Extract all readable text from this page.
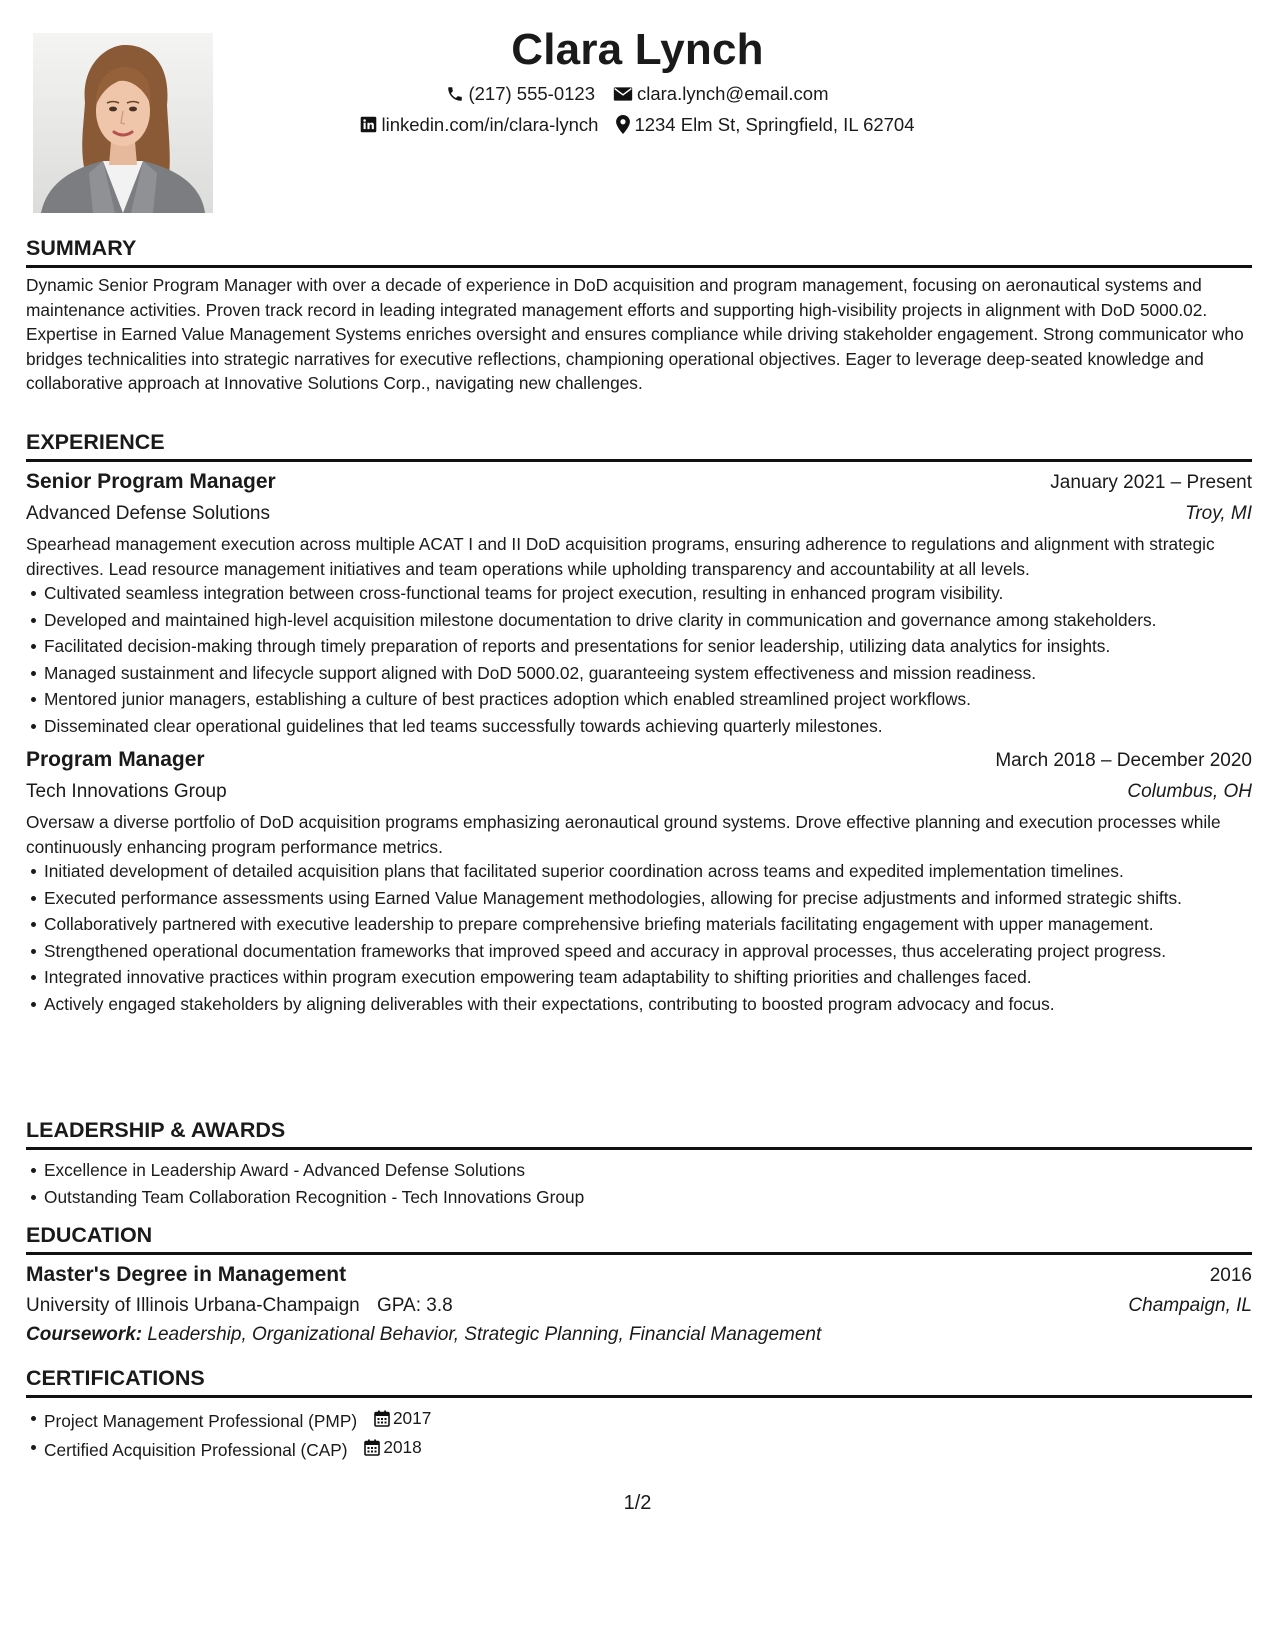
Clara Lynch
(217) 555-0123 clara.lynch@email.com
linkedin.com/in/clara-lynch 1234 Elm St, Springfield, IL 62704
SUMMARY

Dynamic Senior Program Manager with over a decade of experience in DoD acquisition and program management, focusing on aeronautical systems and maintenance activities. Proven track record in leading integrated management efforts and supporting high-visibility projects in alignment with DoD 5000.02. Expertise in Earned Value Management Systems enriches oversight and ensures compliance while driving stakeholder engagement. Strong communicator who bridges technicalities into strategic narratives for executive reflections, championing operational objectives. Eager to leverage deep-seated knowledge and collaborative approach at Innovative Solutions Corp., navigating new challenges.

EXPERIENCE
Senior Program Manager	January 2021 – Present
Advanced Defense Solutions	Troy, MI

Spearhead management execution across multiple ACAT I and II DoD acquisition programs, ensuring adherence to regulations and alignment with strategic directives. Lead resource management initiatives and team operations while upholding transparency and accountability at all levels.

Cultivated seamless integration between cross-functional teams for project execution, resulting in enhanced program visibility.
Developed and maintained high-level acquisition milestone documentation to drive clarity in communication and governance among stakeholders.
Facilitated decision-making through timely preparation of reports and presentations for senior leadership, utilizing data analytics for insights.
Managed sustainment and lifecycle support aligned with DoD 5000.02, guaranteeing system effectiveness and mission readiness.
Mentored junior managers, establishing a culture of best practices adoption which enabled streamlined project workflows.
Disseminated clear operational guidelines that led teams successfully towards achieving quarterly milestones.
Program Manager	March 2018 – December 2020
Tech Innovations Group	Columbus, OH

Oversaw a diverse portfolio of DoD acquisition programs emphasizing aeronautical ground systems. Drove effective planning and execution processes while continuously enhancing program performance metrics.

Initiated development of detailed acquisition plans that facilitated superior coordination across teams and expedited implementation timelines.
Executed performance assessments using Earned Value Management methodologies, allowing for precise adjustments and informed strategic shifts.
Collaboratively partnered with executive leadership to prepare comprehensive briefing materials facilitating engagement with upper management.
Strengthened operational documentation frameworks that improved speed and accuracy in approval processes, thus accelerating project progress.
Integrated innovative practices within program execution empowering team adaptability to shifting priorities and challenges faced.
Actively engaged stakeholders by aligning deliverables with their expectations, contributing to boosted program advocacy and focus.
LEADERSHIP & AWARDS
Excellence in Leadership Award - Advanced Defense Solutions
Outstanding Team Collaboration Recognition - Tech Innovations Group
EDUCATION
Master's Degree in Management	2016
University of Illinois Urbana-Champaign GPA: 3.8	Champaign, IL
Coursework: Leadership, Organizational Behavior, Strategic Planning, Financial Management
CERTIFICATIONS
Project Management Professional (PMP) 2017
Certified Acquisition Professional (CAP) 2018
1/2
